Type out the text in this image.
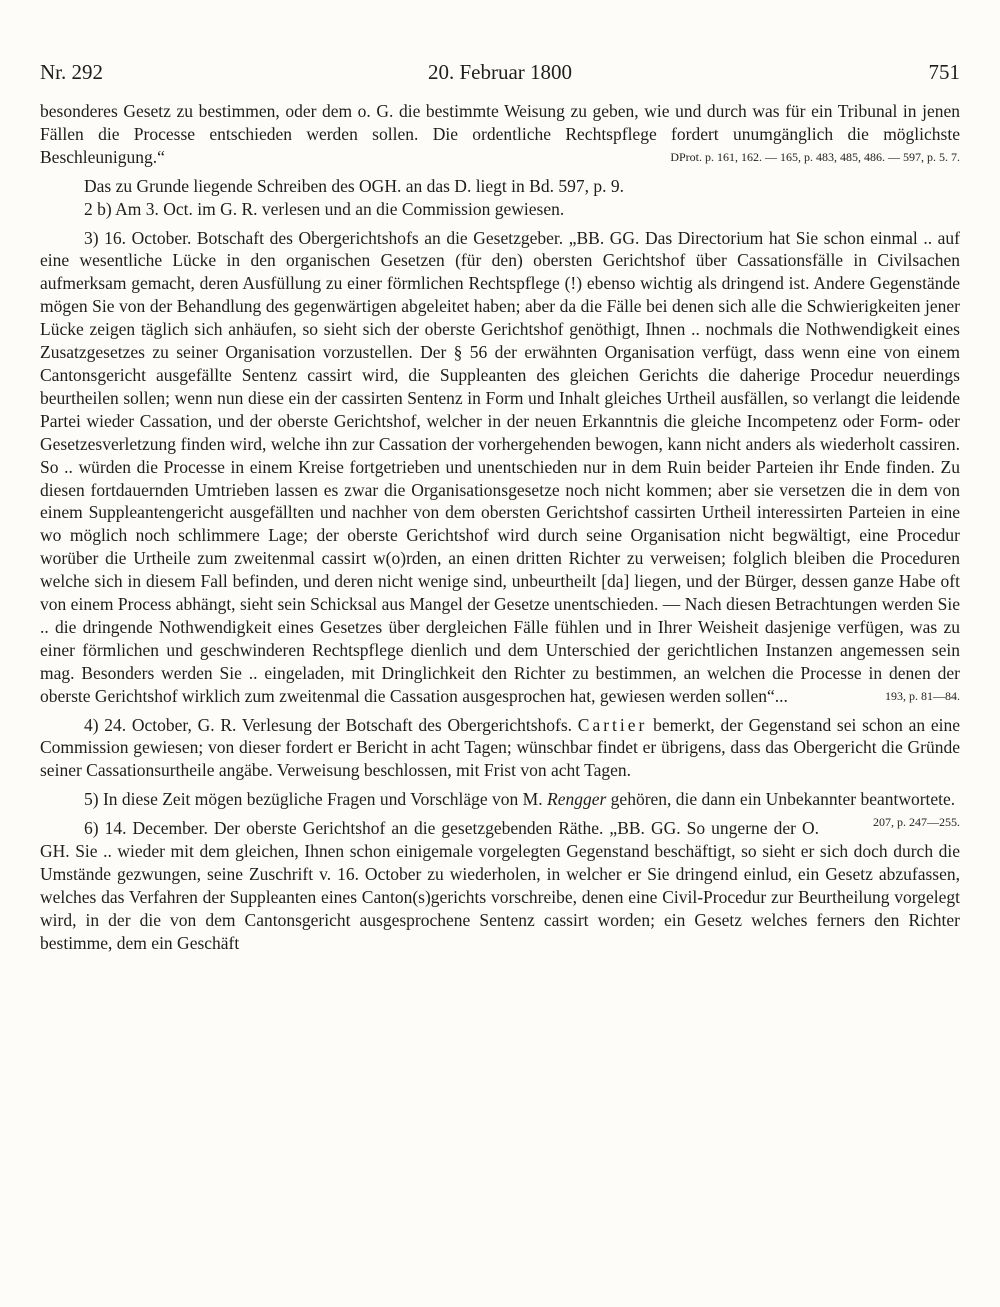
Nr. 292	20. Februar 1800	751

besonderes Gesetz zu bestimmen, oder dem o. G. die bestimmte Weisung zu geben, wie und durch was für ein Tribunal in jenen Fällen die Processe entschieden werden sollen. Die ordentliche Rechtspflege fordert unumgänglich die möglichste Beschleunigung.“	DProt. p. 161, 162. — 165, p. 483, 485, 486. — 597, p. 5. 7.

Das zu Grunde liegende Schreiben des OGH. an das D. liegt in Bd. 597, p. 9.

2 b) Am 3. Oct. im G. R. verlesen und an die Commission gewiesen.

3) 16. October. Botschaft des Obergerichtshofs an die Gesetzgeber. „BB. GG. Das Directorium hat Sie schon einmal .. auf eine wesentliche Lücke in den organischen Gesetzen (für den) obersten Gerichtshof über Cassationsfälle in Civilsachen aufmerksam gemacht, deren Ausfüllung zu einer förmlichen Rechtspflege (!) ebenso wichtig als dringend ist. Andere Gegenstände mögen Sie von der Behandlung des gegenwärtigen abgeleitet haben; aber da die Fälle bei denen sich alle die Schwierigkeiten jener Lücke zeigen täglich sich anhäufen, so sieht sich der oberste Gerichtshof genöthigt, Ihnen .. nochmals die Nothwendigkeit eines Zusatzgesetzes zu seiner Organisation vorzustellen. Der § 56 der erwähnten Organisation verfügt, dass wenn eine von einem Cantonsgericht ausgefällte Sentenz cassirt wird, die Suppleanten des gleichen Gerichts die daherige Procedur neuerdings beurtheilen sollen; wenn nun diese ein der cassirten Sentenz in Form und Inhalt gleiches Urtheil ausfällen, so verlangt die leidende Partei wieder Cassation, und der oberste Gerichtshof, welcher in der neuen Erkanntnis die gleiche Incompetenz oder Form- oder Gesetzesverletzung finden wird, welche ihn zur Cassation der vorhergehenden bewogen, kann nicht anders als wiederholt cassiren. So .. würden die Processe in einem Kreise fortgetrieben und unentschieden nur in dem Ruin beider Parteien ihr Ende finden. Zu diesen fortdauernden Umtrieben lassen es zwar die Organisationsgesetze noch nicht kommen; aber sie versetzen die in dem von einem Suppleantengericht ausgefällten und nachher von dem obersten Gerichtshof cassirten Urtheil interessirten Parteien in eine wo möglich noch schlimmere Lage; der oberste Gerichtshof wird durch seine Organisation nicht begwältigt, eine Procedur worüber die Urtheile zum zweitenmal cassirt w(o)rden, an einen dritten Richter zu verweisen; folglich bleiben die Proceduren welche sich in diesem Fall befinden, und deren nicht wenige sind, unbeurtheilt [da] liegen, und der Bürger, dessen ganze Habe oft von einem Process abhängt, sieht sein Schicksal aus Mangel der Gesetze unentschieden. — Nach diesen Betrachtungen werden Sie .. die dringende Nothwendigkeit eines Gesetzes über dergleichen Fälle fühlen und in Ihrer Weisheit dasjenige verfügen, was zu einer förmlichen und geschwinderen Rechtspflege dienlich und dem Unterschied der gerichtlichen Instanzen angemessen sein mag. Besonders werden Sie .. eingeladen, mit Dringlichkeit den Richter zu bestimmen, an welchen die Processe in denen der oberste Gerichtshof wirklich zum zweitenmal die Cassation ausgesprochen hat, gewiesen werden sollen“...	193, p. 81—84.

4) 24. October, G. R. Verlesung der Botschaft des Obergerichtshofs. Cartier bemerkt, der Gegenstand sei schon an eine Commission gewiesen; von dieser fordert er Bericht in acht Tagen; wünschbar findet er übrigens, dass das Obergericht die Gründe seiner Cassationsurtheile angäbe. Verweisung beschlossen, mit Frist von acht Tagen.

5) In diese Zeit mögen bezügliche Fragen und Vorschläge von M. Rengger gehören, die dann ein Unbekannter beantwortete.
207, p. 247—255.

6) 14. December. Der oberste Gerichtshof an die gesetzgebenden Räthe. „BB. GG. So ungerne der O. GH. Sie .. wieder mit dem gleichen, Ihnen schon einigemale vorgelegten Gegenstand beschäftigt, so sieht er sich doch durch die Umstände gezwungen, seine Zuschrift v. 16. October zu wiederholen, in welcher er Sie dringend einlud, ein Gesetz abzufassen, welches das Verfahren der Suppleanten eines Canton(s)gerichts vorschreibe, denen eine Civil-Procedur zur Beurtheilung vorgelegt wird, in der die von dem Cantonsgericht ausgesprochene Sentenz cassirt worden; ein Gesetz welches ferners den Richter bestimme, dem ein Geschäft
